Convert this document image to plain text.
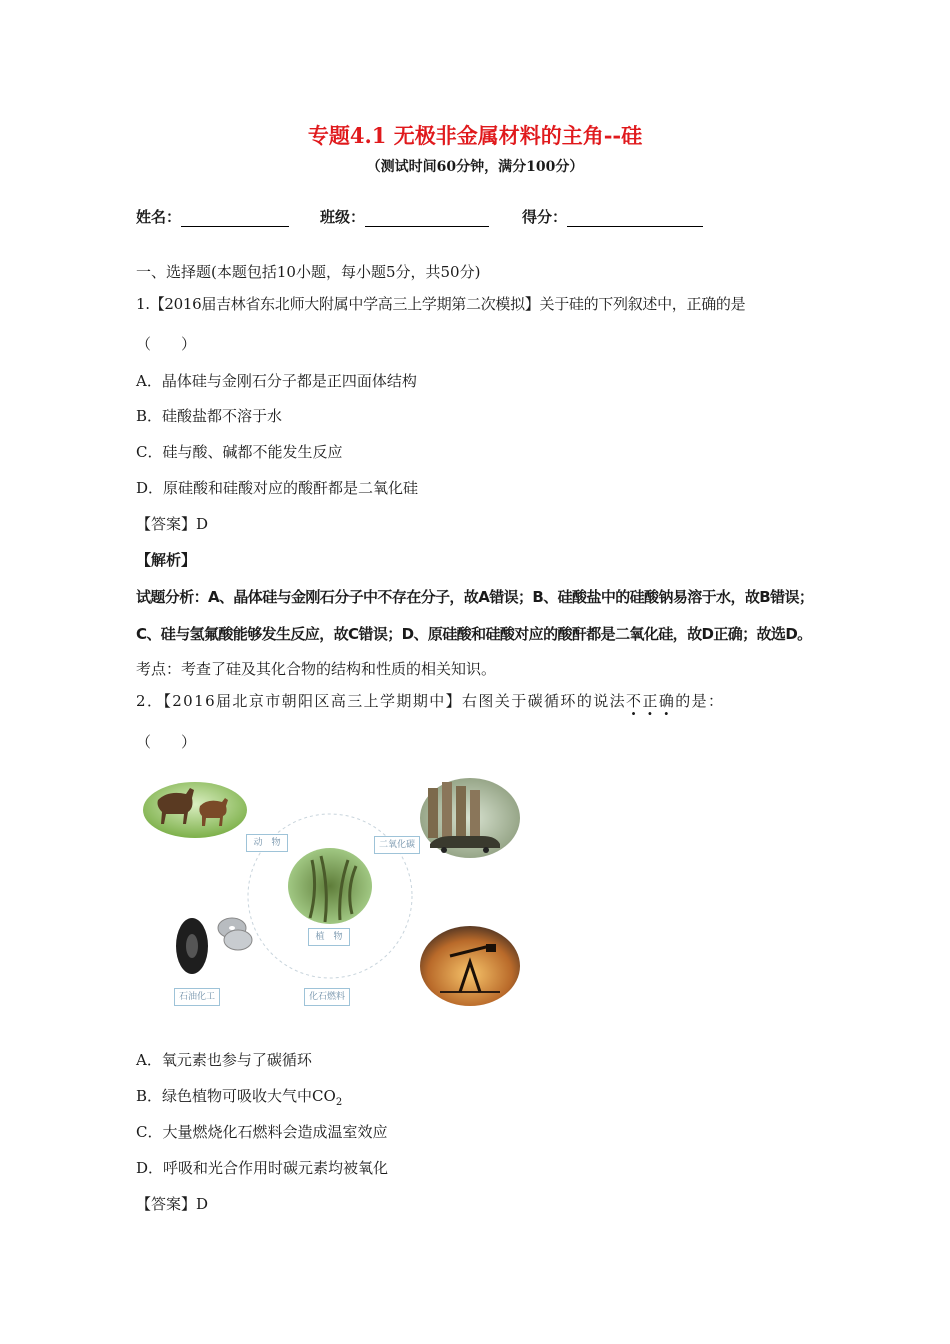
专题4.1 无极非金属材料的主角--硅
（测试时间60分钟，满分100分）
姓名：	班级：	得分：
一、选择题(本题包括10小题，每小题5分，共50分)
1.【2016届吉林省东北师大附属中学高三上学期第二次模拟】关于硅的下列叙述中，正确的是
（　　）
A．晶体硅与金刚石分子都是正四面体结构
B．硅酸盐都不溶于水
C．硅与酸、碱都不能发生反应
D．原硅酸和硅酸对应的酸酐都是二氧化硅
【答案】D
【解析】
试题分析：A、晶体硅与金刚石分子中不存在分子，故A错误；B、硅酸盐中的硅酸钠易溶于水，故B错误；
C、硅与氢氟酸能够发生反应，故C错误；D、原硅酸和硅酸对应的酸酐都是二氧化硅，故D正确；故选D。
考点：考查了硅及其化合物的结构和性质的相关知识。
2．【2016届北京市朝阳区高三上学期期中】右图关于碳循环的说法不正确的是：
（　　）
动　物	二氧化碳
植　物
石油化工	化石燃料
A．氧元素也参与了碳循环
B．绿色植物可吸收大气中$CO_2$
C．大量燃烧化石燃料会造成温室效应
D．呼吸和光合作用时碳元素均被氧化
【答案】D
